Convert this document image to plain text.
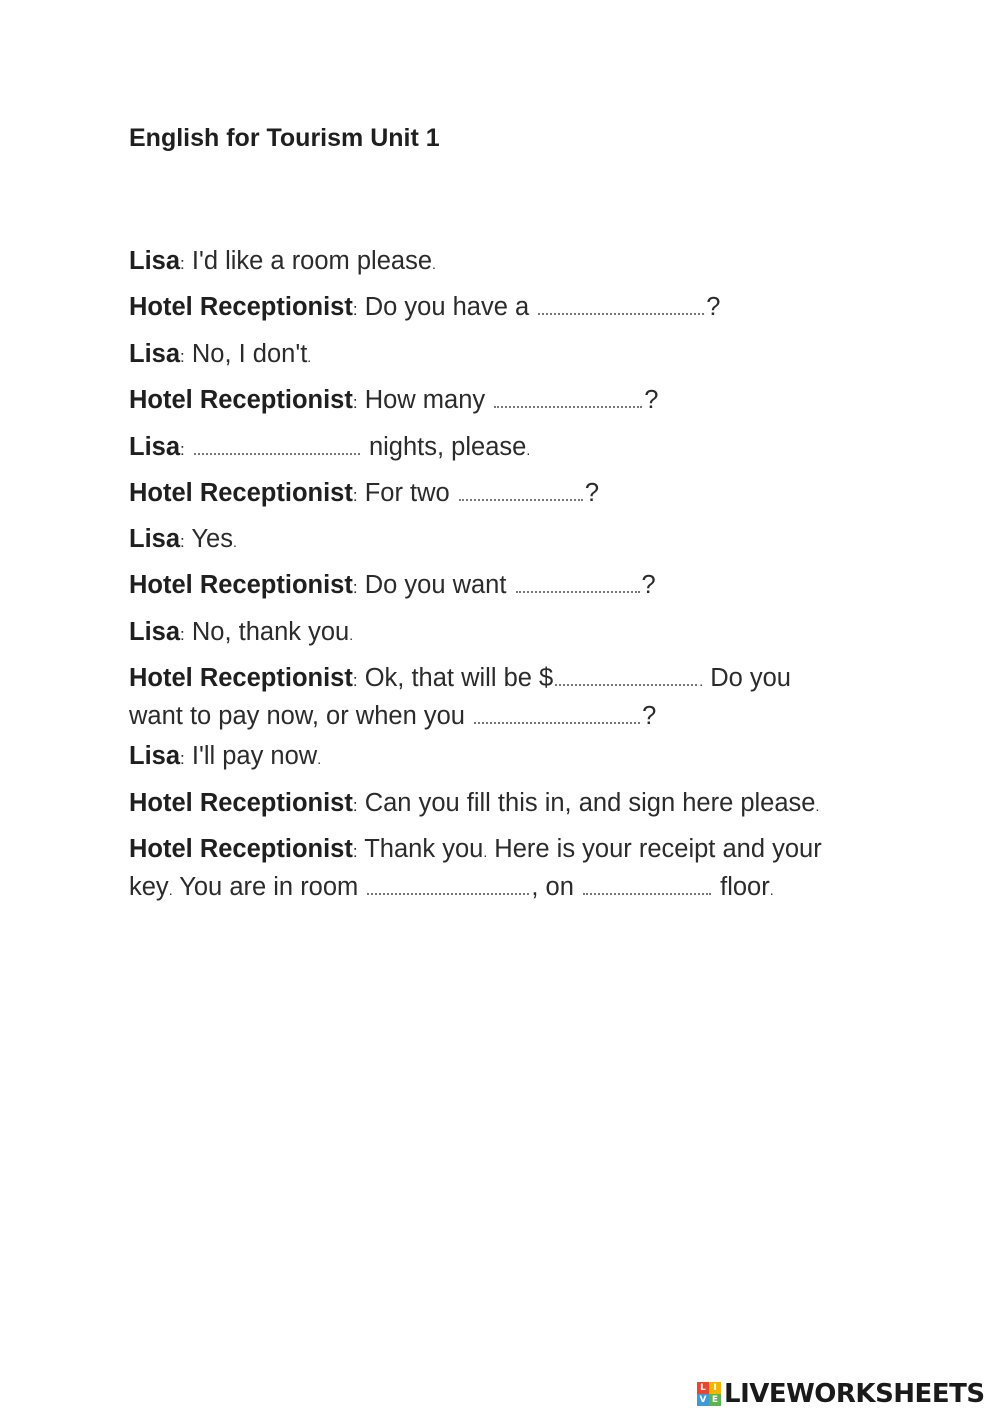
English for Tourism Unit 1
Lisa: I'd like a room please.
Hotel Receptionist: Do you have a	?
Lisa: No, I don't.
Hotel Receptionist: How many	?
Lisa:	nights, please.
Hotel Receptionist: For two	?
Lisa: Yes.
Hotel Receptionist: Do you want	?
Lisa: No, thank you.
Hotel Receptionist: Ok, that will be $	. Do you
want to pay now, or when you	?
Lisa: I'll pay now.
Hotel Receptionist: Can you fill this in, and sign here please.
Hotel Receptionist: Thank you. Here is your receipt and your
key. You are in room	, on	floor.
L I
V E LIVEWORKSHEETS
